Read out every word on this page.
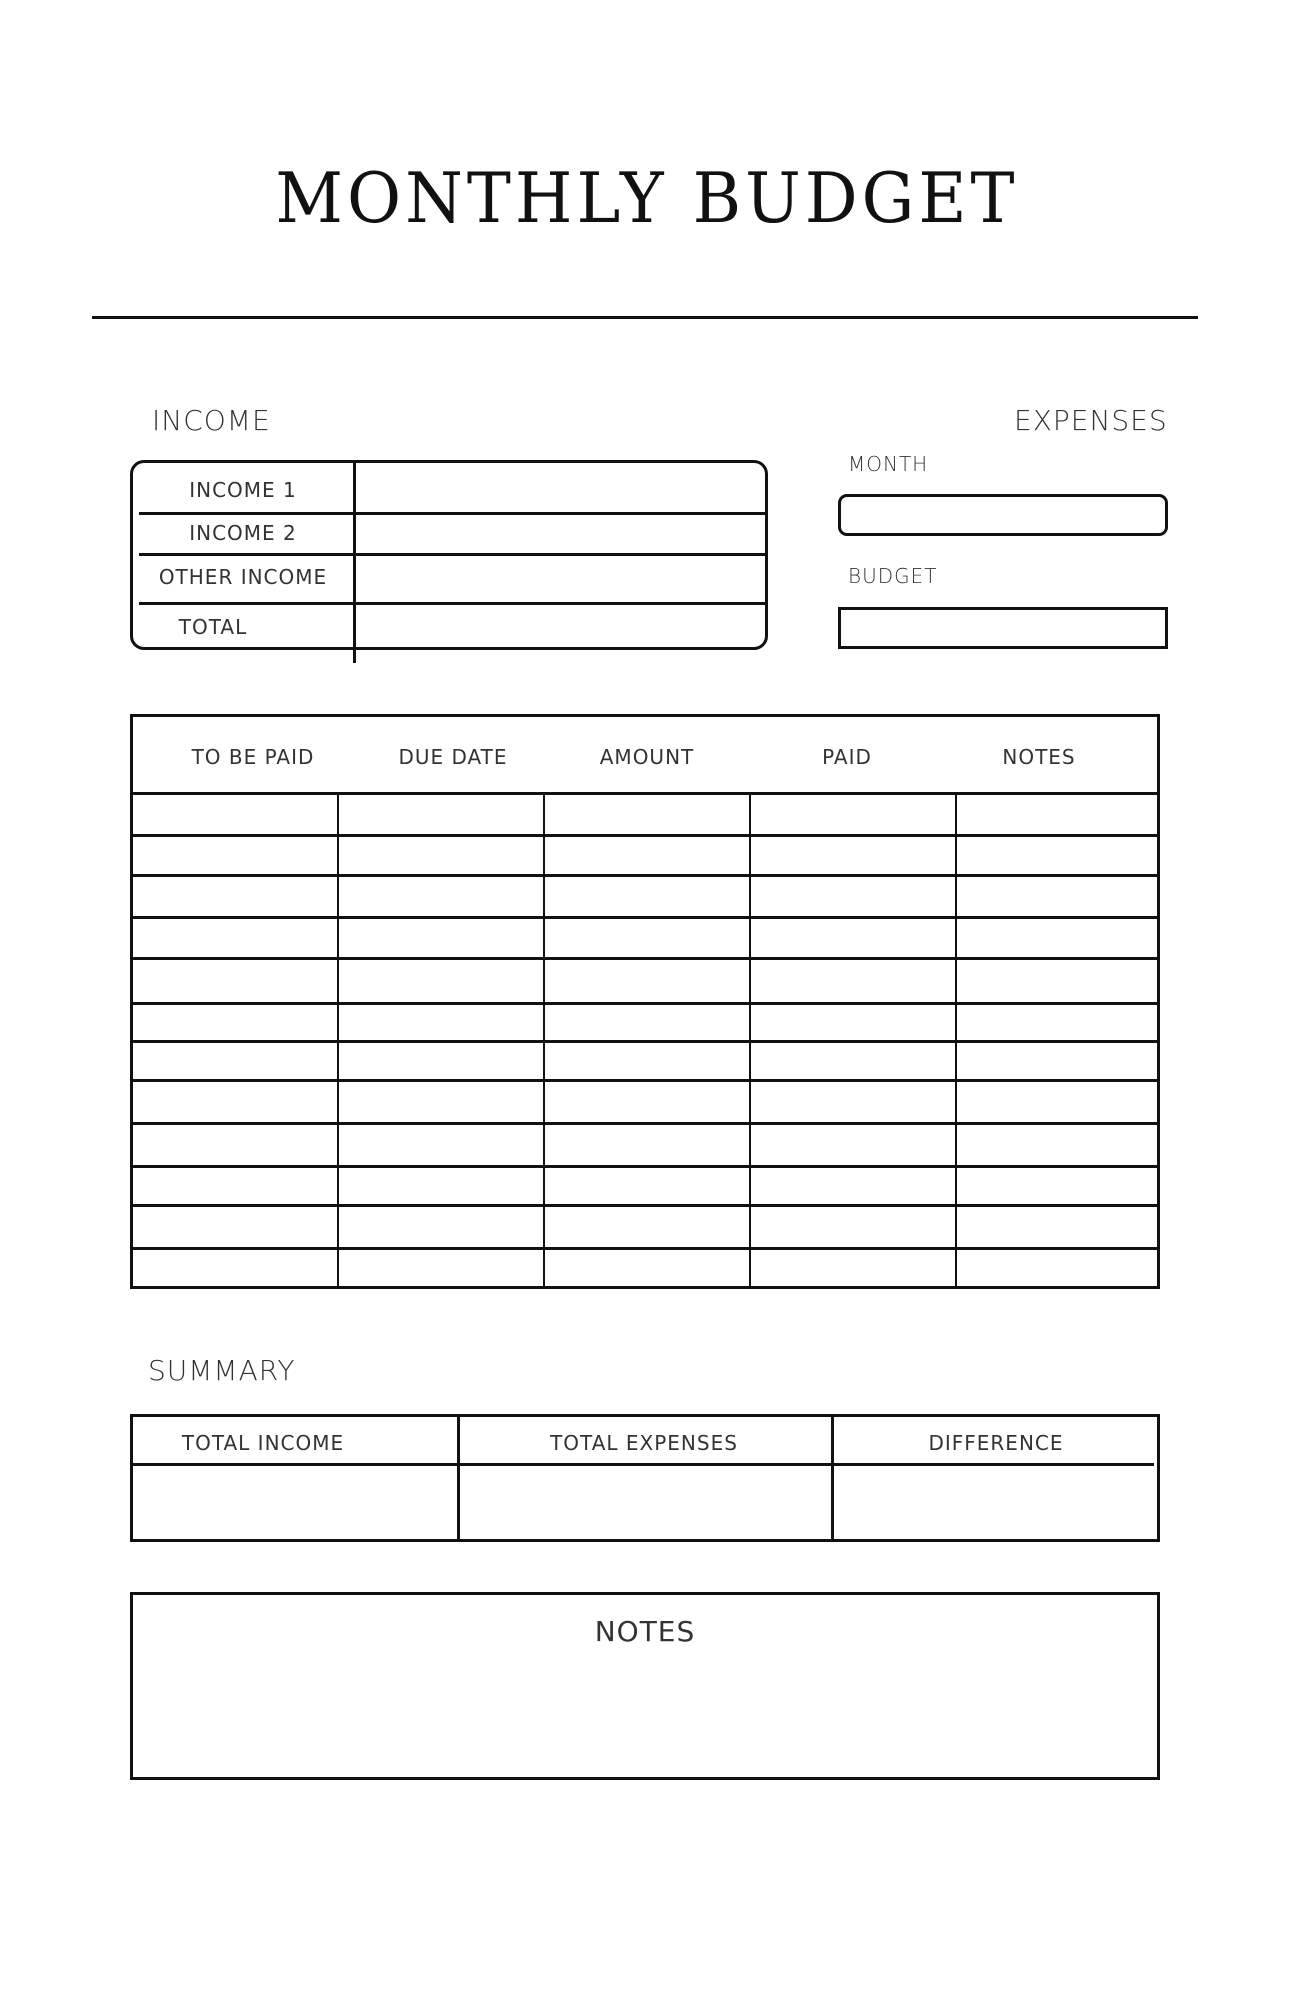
MONTHLY BUDGET
INCOME
INCOME 1
INCOME 2
OTHER INCOME
TOTAL
EXPENSES
MONTH
BUDGET
TO BE PAID	DUE DATE	AMOUNT	PAID	NOTES
SUMMARY
TOTAL INCOME	TOTAL EXPENSES	DIFFERENCE
NOTES
